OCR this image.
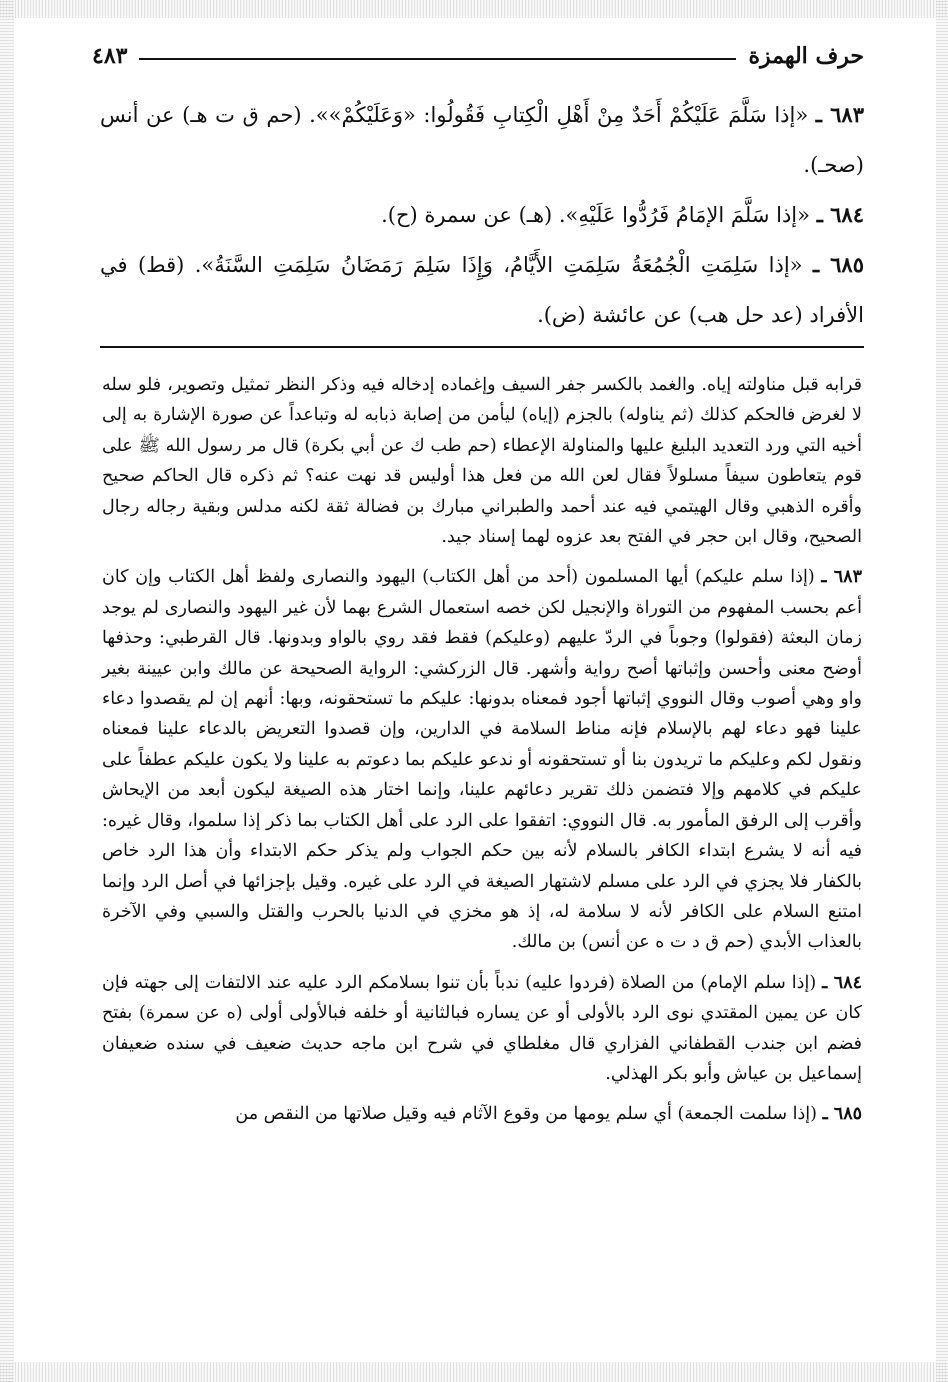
حرف الهمزة
٤٨٣

٦٨٣ ـ «إذا سَلَّمَ عَلَيْكُمْ أَحَدٌ مِنْ أَهْلِ الْكِتابِ فَقُولُوا: «وَعَلَيْكُمْ»». (حم ق ت هـ) عن أنس (صحـ).

٦٨٤ ـ «إذا سَلَّمَ الإمَامُ فَرُدُّوا عَلَيْهِ». (هـ) عن سمرة (ح).

٦٨٥ ـ «إذا سَلِمَتِ الْجُمُعَةُ سَلِمَتِ الأَيَّامُ، وَإِذَا سَلِمَ رَمَضَانُ سَلِمَتِ السَّنَةُ». (قط) في الأفراد (عد حل هب) عن عائشة (ض).

قرابه قبل مناولته إياه. والغمد بالكسر جفر السيف وإغماده إدخاله فيه وذكر النظر تمثيل وتصوير، فلو سله لا لغرض فالحكم كذلك (ثم يناوله) بالجزم (إياه) ليأمن من إصابة ذبابه له وتباعداً عن صورة الإشارة به إلى أخيه التي ورد التعديد البليغ عليها والمناولة الإعطاء (حم طب ك عن أبي بكرة) قال مر رسول الله ﷺ على قوم يتعاطون سيفاً مسلولاً فقال لعن الله من فعل هذا أوليس قد نهت عنه؟ ثم ذكره قال الحاكم صحيح وأقره الذهبي وقال الهيتمي فيه عند أحمد والطبراني مبارك بن فضالة ثقة لكنه مدلس وبقية رجاله رجال الصحيح، وقال ابن حجر في الفتح بعد عزوه لهما إسناد جيد.

٦٨٣ ـ (إذا سلم عليكم) أيها المسلمون (أحد من أهل الكتاب) اليهود والنصارى ولفظ أهل الكتاب وإن كان أعم بحسب المفهوم من التوراة والإنجيل لكن خصه استعمال الشرع بهما لأن غير اليهود والنصارى لم يوجد زمان البعثة (فقولوا) وجوباً في الردّ عليهم (وعليكم) فقط فقد روي بالواو وبدونها. قال القرطبي: وحذفها أوضح معنى وأحسن وإثباتها أصح رواية وأشهر. قال الزركشي: الرواية الصحيحة عن مالك وابن عيينة بغير واو وهي أصوب وقال النووي إثباتها أجود فمعناه بدونها: عليكم ما تستحقونه، وبها: أنهم إن لم يقصدوا دعاء علينا فهو دعاء لهم بالإسلام فإنه مناط السلامة في الدارين، وإن قصدوا التعريض بالدعاء علينا فمعناه ونقول لكم وعليكم ما تريدون بنا أو تستحقونه أو ندعو عليكم بما دعوتم به علينا ولا يكون عليكم عطفاً على عليكم في كلامهم وإلا فتضمن ذلك تقرير دعائهم علينا، وإنما اختار هذه الصيغة ليكون أبعد من الإيحاش وأقرب إلى الرفق المأمور به. قال النووي: اتفقوا على الرد على أهل الكتاب بما ذكر إذا سلموا، وقال غيره: فيه أنه لا يشرع ابتداء الكافر بالسلام لأنه بين حكم الجواب ولم يذكر حكم الابتداء وأن هذا الرد خاص بالكفار فلا يجزي في الرد على مسلم لاشتهار الصيغة في الرد على غيره. وقيل بإجزائها في أصل الرد وإنما امتنع السلام على الكافر لأنه لا سلامة له، إذ هو مخزي في الدنيا بالحرب والقتل والسبي وفي الآخرة بالعذاب الأبدي (حم ق د ت ه عن أنس) بن مالك.

٦٨٤ ـ (إذا سلم الإمام) من الصلاة (فردوا عليه) ندباً بأن تنوا بسلامكم الرد عليه عند الالتفات إلى جهته فإن كان عن يمين المقتدي نوى الرد بالأولى أو عن يساره فبالثانية أو خلفه فبالأولى أولى (ه عن سمرة) بفتح فضم ابن جندب القطفاني الفزاري قال مغلطاي في شرح ابن ماجه حديث ضعيف في سنده ضعيفان إسماعيل بن عياش وأبو بكر الهذلي.

٦٨٥ ـ (إذا سلمت الجمعة) أي سلم يومها من وقوع الآثام فيه وقيل صلاتها من النقص من
